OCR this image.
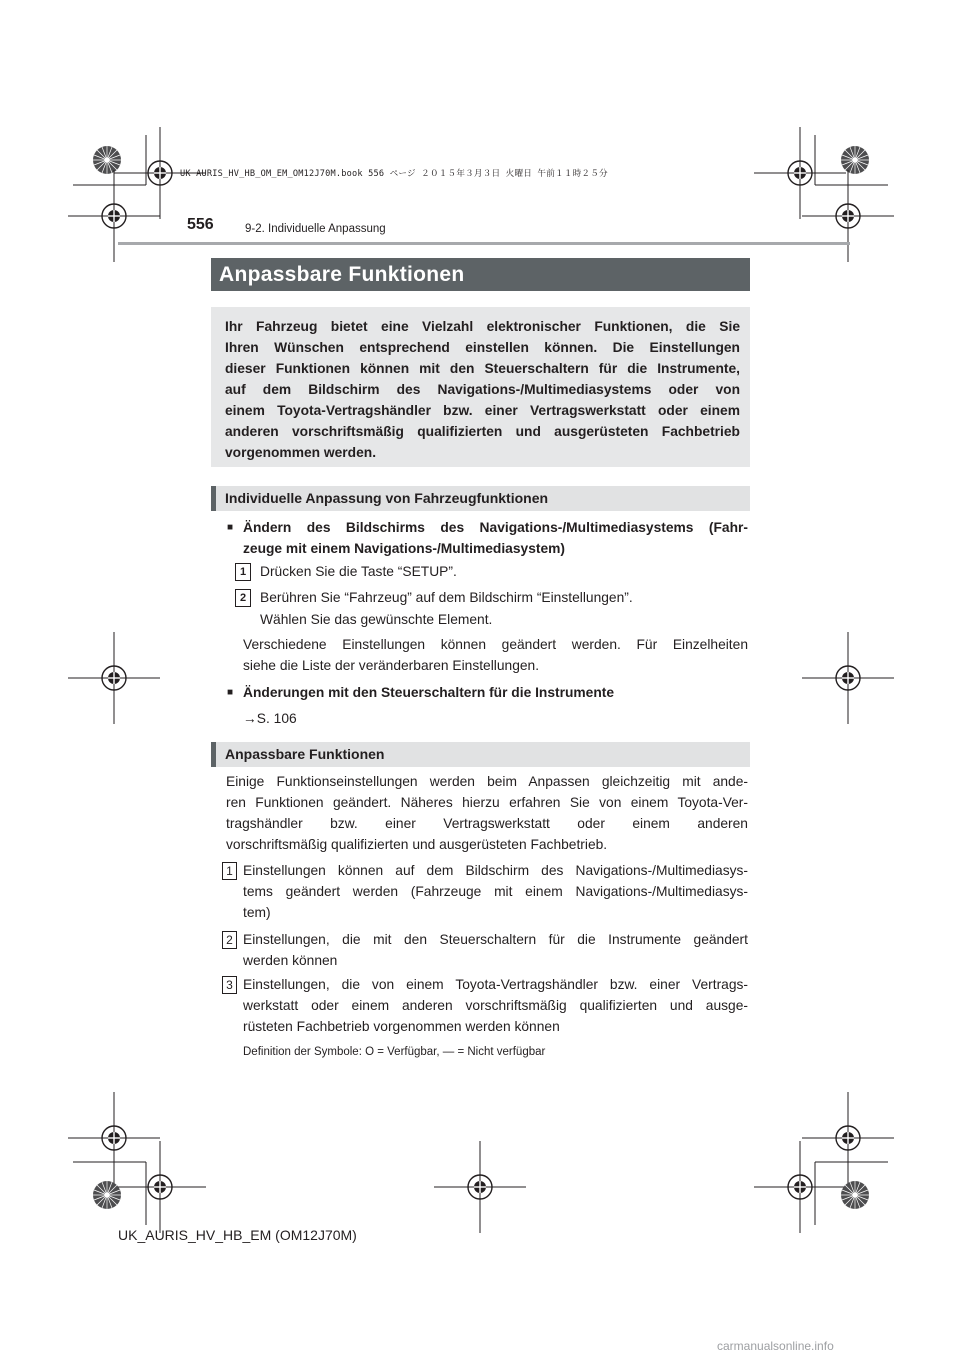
UK AURIS_HV_HB_OM_EM_OM12J70M.book 556 ページ ２０１５年３月３日 火曜日 午前１１時２５分
556	9-2. Individuelle Anpassung
Anpassbare Funktionen
Ihr Fahrzeug bietet eine Vielzahl elektronischer Funktionen, die Sie
Ihren Wünschen entsprechend einstellen können. Die Einstellungen
dieser Funktionen können mit den Steuerschaltern für die Instrumente,
auf dem Bildschirm des Navigations-/Multimediasystems oder von
einem Toyota-Vertragshändler bzw. einer Vertragswerkstatt oder einem
anderen vorschriftsmäßig qualifizierten und ausgerüsteten Fachbetrieb
vorgenommen werden.
Individuelle Anpassung von Fahrzeugfunktionen
■ Ändern des Bildschirms des Navigations-/Multimediasystems (Fahr-
zeuge mit einem Navigations-/Multimediasystem)
1	Drücken Sie die Taste “SETUP”.
2	Berühren Sie “Fahrzeug” auf dem Bildschirm “Einstellungen”.
Wählen Sie das gewünschte Element.
Verschiedene Einstellungen können geändert werden. Für Einzelheiten
siehe die Liste der veränderbaren Einstellungen.
■ Änderungen mit den Steuerschaltern für die Instrumente
→S. 106
Anpassbare Funktionen
Einige Funktionseinstellungen werden beim Anpassen gleichzeitig mit ande-
ren Funktionen geändert. Näheres hierzu erfahren Sie von einem Toyota-Ver-
tragshändler bzw. einer Vertragswerkstatt oder einem anderen
vorschriftsmäßig qualifizierten und ausgerüsteten Fachbetrieb.
1 Einstellungen können auf dem Bildschirm des Navigations-/Multimediasys-
tems geändert werden (Fahrzeuge mit einem Navigations-/Multimediasys-
tem)
2 Einstellungen, die mit den Steuerschaltern für die Instrumente geändert
werden können
3 Einstellungen, die von einem Toyota-Vertragshändler bzw. einer Vertrags-
werkstatt oder einem anderen vorschriftsmäßig qualifizierten und ausge-
rüsteten Fachbetrieb vorgenommen werden können
Definition der Symbole: O = Verfügbar, — = Nicht verfügbar
UK_AURIS_HV_HB_EM (OM12J70M)
carmanualsonline.info
